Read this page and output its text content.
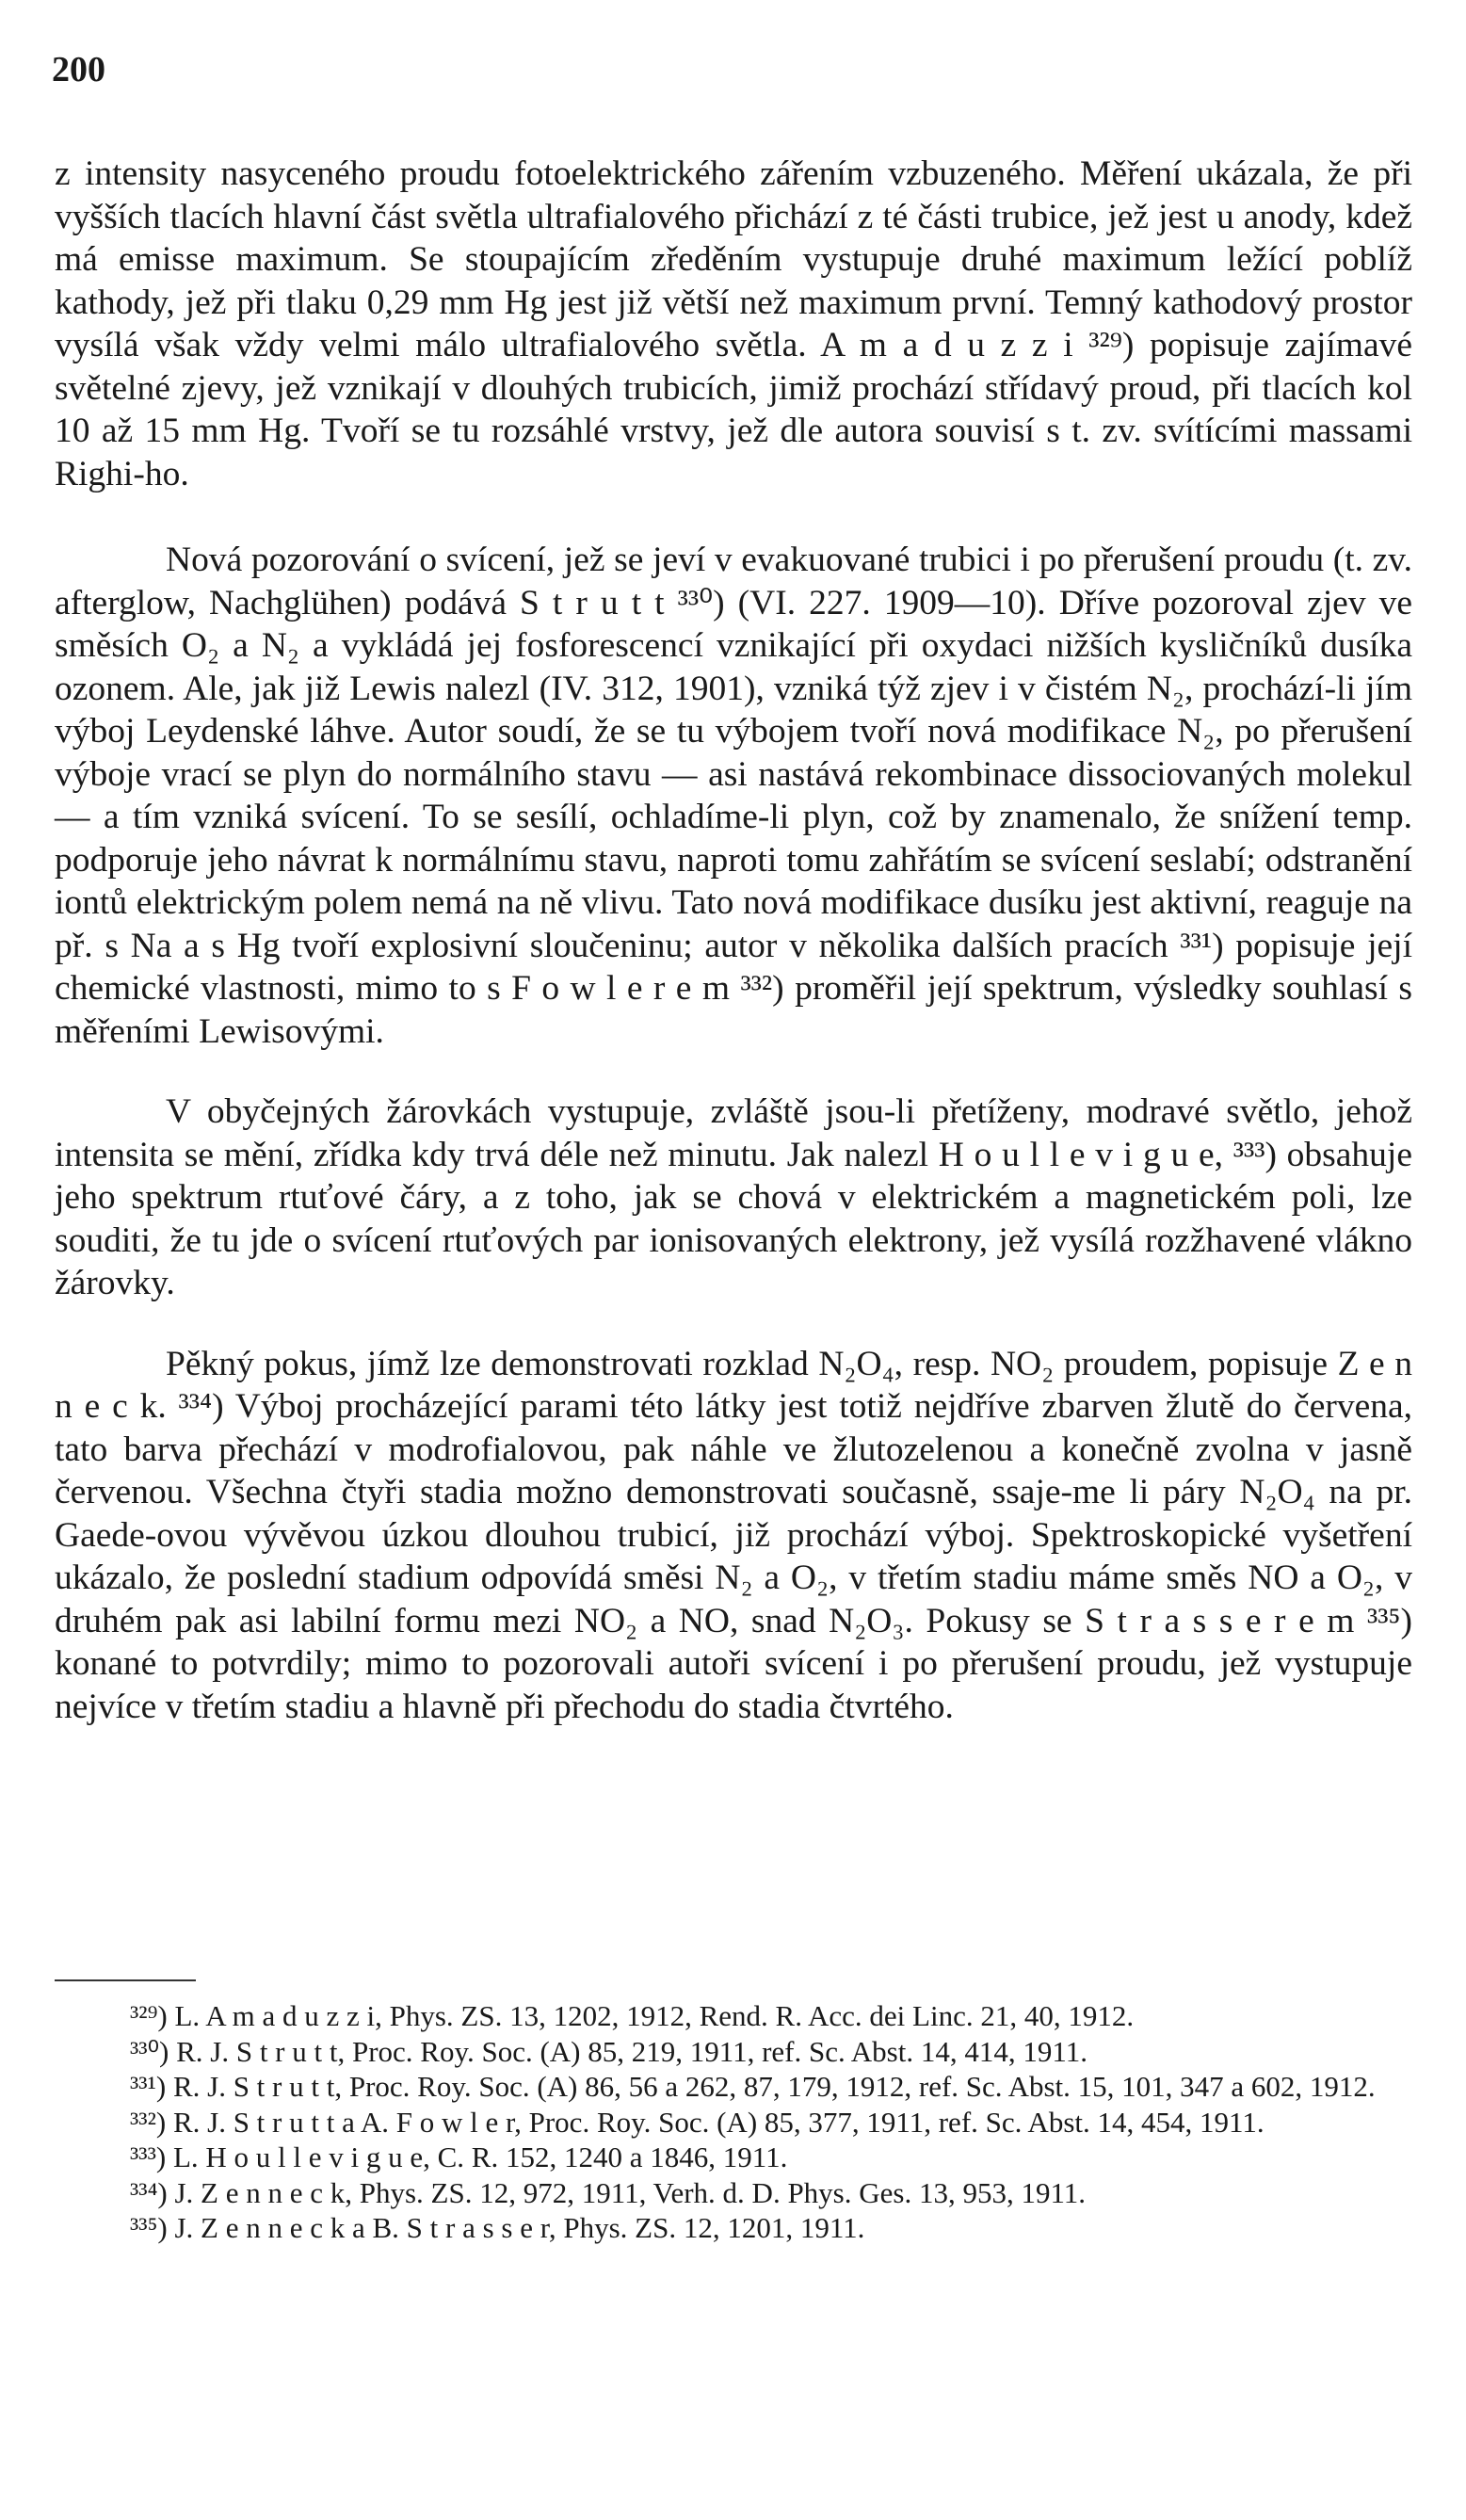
200

z intensity nasyceného proudu fotoelektrického zářením vzbuzeného. Měření ukázala, že při vyšších tlacích hlavní část světla ultrafialového přichází z té části trubice, jež jest u anody, kdež má emisse maximum. Se stoupajícím zředěním vystupuje druhé maximum ležící poblíž kathody, jež při tlaku 0,29 mm Hg jest již větší než maximum první. Temný kathodový prostor vysílá však vždy velmi málo ultrafialového světla. A m a d u z z i ³²⁹) popisuje zajímavé světelné zjevy, jež vznikají v dlouhých trubicích, jimiž prochází střídavý proud, při tlacích kol 10 až 15 mm Hg. Tvoří se tu rozsáhlé vrstvy, jež dle autora souvisí s t. zv. svítícími massami Righi-ho.

Nová pozorování o svícení, jež se jeví v evakuované trubici i po přerušení proudu (t. zv. afterglow, Nachglühen) podává S t r u t t ³³⁰) (VI. 227. 1909—10). Dříve pozoroval zjev ve směsích O₂ a N₂ a vykládá jej fosforescencí vznikající při oxydaci nižších kysličníků dusíka ozonem. Ale, jak již Lewis nalezl (IV. 312, 1901), vzniká týž zjev i v čistém N₂, prochází-li jím výboj Leydenské láhve. Autor soudí, že se tu výbojem tvoří nová modifikace N₂, po přerušení výboje vrací se plyn do normálního stavu — asi nastává rekombinace dissociovaných molekul — a tím vzniká svícení. To se sesílí, ochladíme-li plyn, což by znamenalo, že snížení temp. podporuje jeho návrat k normálnímu stavu, naproti tomu zahřátím se svícení seslabí; odstranění iontů elektrickým polem nemá na ně vlivu. Tato nová modifikace dusíku jest aktivní, reaguje na př. s Na a s Hg tvoří explosivní sloučeninu; autor v několika dalších pracích ³³¹) popisuje její chemické vlastnosti, mimo to s F o w l e r e m ³³²) proměřil její spektrum, výsledky souhlasí s měřeními Lewisovými.

V obyčejných žárovkách vystupuje, zvláště jsou-li přetíženy, modravé světlo, jehož intensita se mění, zřídka kdy trvá déle než minutu. Jak nalezl H o u l l e v i g u e, ³³³) obsahuje jeho spektrum rtuťové čáry, a z toho, jak se chová v elektrickém a magnetickém poli, lze souditi, že tu jde o svícení rtuťových par ionisovaných elektrony, jež vysílá rozžhavené vlákno žárovky.

Pěkný pokus, jímž lze demonstrovati rozklad N₂O₄, resp. NO₂ proudem, popisuje Z e n n e c k. ³³⁴) Výboj procházející parami této látky jest totiž nejdříve zbarven žlutě do červena, tato barva přechází v modrofialovou, pak náhle ve žlutozelenou a konečně zvolna v jasně červenou. Všechna čtyři stadia možno demonstrovati současně, ssaje-me li páry N₂O₄ na pr. Gaede-ovou vývěvou úzkou dlouhou trubicí, již prochází výboj. Spektroskopické vyšetření ukázalo, že poslední stadium odpovídá směsi N₂ a O₂, v třetím stadiu máme směs NO a O₂, v druhém pak asi labilní formu mezi NO₂ a NO, snad N₂O₃. Pokusy se S t r a s s e r e m ³³⁵) konané to potvrdily; mimo to pozorovali autoři svícení i po přerušení proudu, jež vystupuje nejvíce v třetím stadiu a hlavně při přechodu do stadia čtvrtého.

³²⁹) L. A m a d u z z i, Phys. ZS. 13, 1202, 1912, Rend. R. Acc. dei Linc. 21, 40, 1912.

³³⁰) R. J. S t r u t t, Proc. Roy. Soc. (A) 85, 219, 1911, ref. Sc. Abst. 14, 414, 1911.

³³¹) R. J. S t r u t t, Proc. Roy. Soc. (A) 86, 56 a 262, 87, 179, 1912, ref. Sc. Abst. 15, 101, 347 a 602, 1912.

³³²) R. J. S t r u t t a A. F o w l e r, Proc. Roy. Soc. (A) 85, 377, 1911, ref. Sc. Abst. 14, 454, 1911.

³³³) L. H o u l l e v i g u e, C. R. 152, 1240 a 1846, 1911.

³³⁴) J. Z e n n e c k, Phys. ZS. 12, 972, 1911, Verh. d. D. Phys. Ges. 13, 953, 1911.

³³⁵) J. Z e n n e c k a B. S t r a s s e r, Phys. ZS. 12, 1201, 1911.
